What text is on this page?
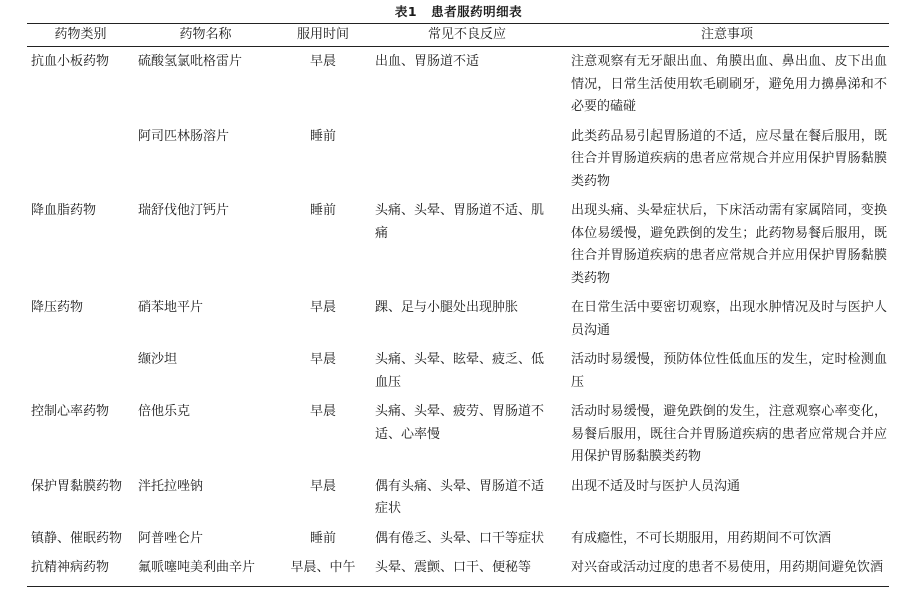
表1 患者服药明细表
药物类别	药物名称	服用时间	常见不良反应	注意事项
抗血小板药物	硫酸氢氯吡格雷片	早晨	出血、胃肠道不适	注意观察有无牙龈出血、角膜出血、鼻出血、皮下出血情况，日常生活使用软毛刷刷牙，避免用力擤鼻涕和不必要的磕碰
	阿司匹林肠溶片	睡前		此类药品易引起胃肠道的不适，应尽量在餐后服用，既往合并胃肠道疾病的患者应常规合并应用保护胃肠黏膜类药物
降血脂药物	瑞舒伐他汀钙片	睡前	头痛、头晕、胃肠道不适、肌痛	出现头痛、头晕症状后，下床活动需有家属陪同，变换体位易缓慢，避免跌倒的发生；此药物易餐后服用，既往合并胃肠道疾病的患者应常规合并应用保护胃肠黏膜类药物
降压药物	硝苯地平片	早晨	踝、足与小腿处出现肿胀	在日常生活中要密切观察，出现水肿情况及时与医护人员沟通
	缬沙坦	早晨	头痛、头晕、眩晕、疲乏、低血压	活动时易缓慢，预防体位性低血压的发生，定时检测血压
控制心率药物	倍他乐克	早晨	头痛、头晕、疲劳、胃肠道不适、心率慢	活动时易缓慢，避免跌倒的发生，注意观察心率变化，易餐后服用，既往合并胃肠道疾病的患者应常规合并应用保护胃肠黏膜类药物
保护胃黏膜药物	泮托拉唑钠	早晨	偶有头痛、头晕、胃肠道不适症状	出现不适及时与医护人员沟通
镇静、催眠药物	阿普唑仑片	睡前	偶有倦乏、头晕、口干等症状	有成瘾性，不可长期服用，用药期间不可饮酒
抗精神病药物	氟哌噻吨美利曲辛片	早晨、中午	头晕、震颤、口干、便秘等	对兴奋或活动过度的患者不易使用，用药期间避免饮酒
